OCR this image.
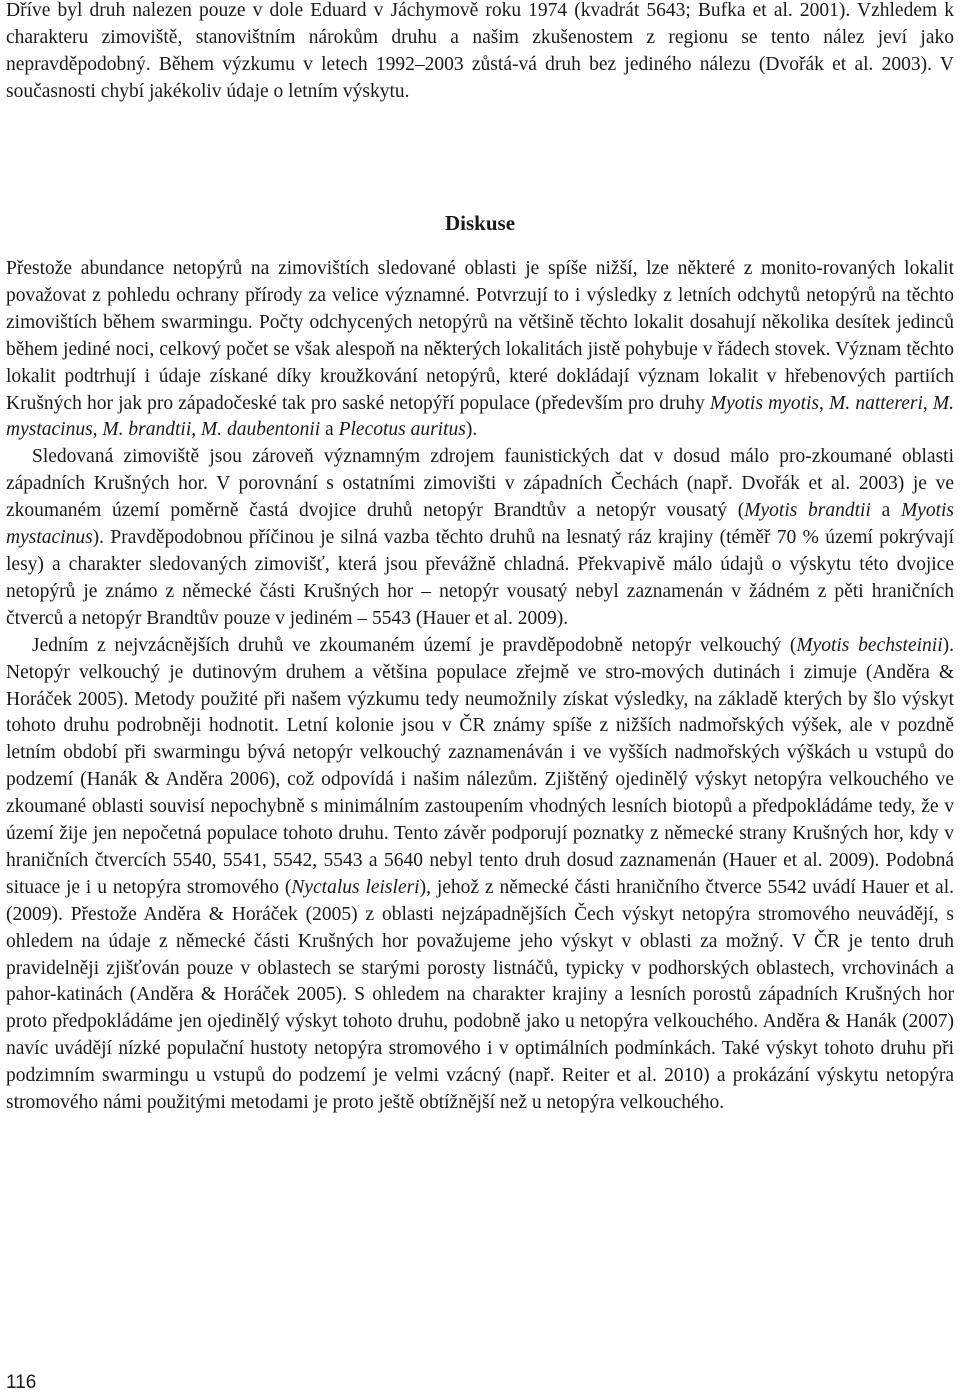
Dříve byl druh nalezen pouze v dole Eduard v Jáchymově roku 1974 (kvadrát 5643; Bufka et al. 2001). Vzhledem k charakteru zimoviště, stanovištním nárokům druhu a našim zkušenostem z regionu se tento nález jeví jako nepravděpodobný. Během výzkumu v letech 1992–2003 zůstá-vá druh bez jediného nálezu (Dvořák et al. 2003). V současnosti chybí jakékoliv údaje o letním výskytu.

Diskuse

Přestože abundance netopýrů na zimovištích sledované oblasti je spíše nižší, lze některé z monito-rovaných lokalit považovat z pohledu ochrany přírody za velice významné. Potvrzují to i výsledky z letních odchytů netopýrů na těchto zimovištích během swarmingu. Počty odchycených netopýrů na většině těchto lokalit dosahují několika desítek jedinců během jediné noci, celkový počet se však alespoň na některých lokalitách jistě pohybuje v řádech stovek. Význam těchto lokalit podtrhují i údaje získané díky kroužkování netopýrů, které dokládají význam lokalit v hřebenových partiích Krušných hor jak pro západočeské tak pro saské netopýří populace (především pro druhy Myotis myotis, M. nattereri, M. mystacinus, M. brandtii, M. daubentonii a Plecotus auritus).

Sledovaná zimoviště jsou zároveň významným zdrojem faunistických dat v dosud málo pro-zkoumané oblasti západních Krušných hor. V porovnání s ostatními zimovišti v západních Čechách (např. Dvořák et al. 2003) je ve zkoumaném území poměrně častá dvojice druhů netopýr Brandtův a netopýr vousatý (Myotis brandtii a Myotis mystacinus). Pravděpodobnou příčinou je silná vazba těchto druhů na lesnatý ráz krajiny (téměř 70 % území pokrývají lesy) a charakter sledovaných zimovišť, která jsou převážně chladná. Překvapivě málo údajů o výskytu této dvojice netopýrů je známo z německé části Krušných hor – netopýr vousatý nebyl zaznamenán v žádném z pěti hraničních čtverců a netopýr Brandtův pouze v jediném – 5543 (Hauer et al. 2009).

Jedním z nejvzácnějších druhů ve zkoumaném území je pravděpodobně netopýr velkouchý (Myotis bechsteinii). Netopýr velkouchý je dutinovým druhem a většina populace zřejmě ve stro-mových dutinách i zimuje (Anděra & Horáček 2005). Metody použité při našem výzkumu tedy neumožnily získat výsledky, na základě kterých by šlo výskyt tohoto druhu podrobněji hodnotit. Letní kolonie jsou v ČR známy spíše z nižších nadmořských výšek, ale v pozdně letním období při swarmingu bývá netopýr velkouchý zaznamenáván i ve vyšších nadmořských výškách u vstupů do podzemí (Hanák & Anděra 2006), což odpovídá i našim nálezům. Zjištěný ojedinělý výskyt netopýra velkouchého ve zkoumané oblasti souvisí nepochybně s minimálním zastoupením vhodných lesních biotopů a předpokládáme tedy, že v území žije jen nepočetná populace tohoto druhu. Tento závěr podporují poznatky z německé strany Krušných hor, kdy v hraničních čtvercích 5540, 5541, 5542, 5543 a 5640 nebyl tento druh dosud zaznamenán (Hauer et al. 2009). Podobná situace je i u netopýra stromového (Nyctalus leisleri), jehož z německé části hraničního čtverce 5542 uvádí Hauer et al. (2009). Přestože Anděra & Horáček (2005) z oblasti nejzápadnějších Čech výskyt netopýra stromového neuvádějí, s ohledem na údaje z německé části Krušných hor považujeme jeho výskyt v oblasti za možný. V ČR je tento druh pravidelněji zjišťován pouze v oblastech se starými porosty listnáčů, typicky v podhorských oblastech, vrchovinách a pahor-katinách (Anděra & Horáček 2005). S ohledem na charakter krajiny a lesních porostů západních Krušných hor proto předpokládáme jen ojedinělý výskyt tohoto druhu, podobně jako u netopýra velkouchého. Anděra & Hanák (2007) navíc uvádějí nízké populační hustoty netopýra stromového i v optimálních podmínkách. Také výskyt tohoto druhu při podzimním swarmingu u vstupů do podzemí je velmi vzácný (např. Reiter et al. 2010) a prokázání výskytu netopýra stromového námi použitými metodami je proto ještě obtížnější než u netopýra velkouchého.

116
